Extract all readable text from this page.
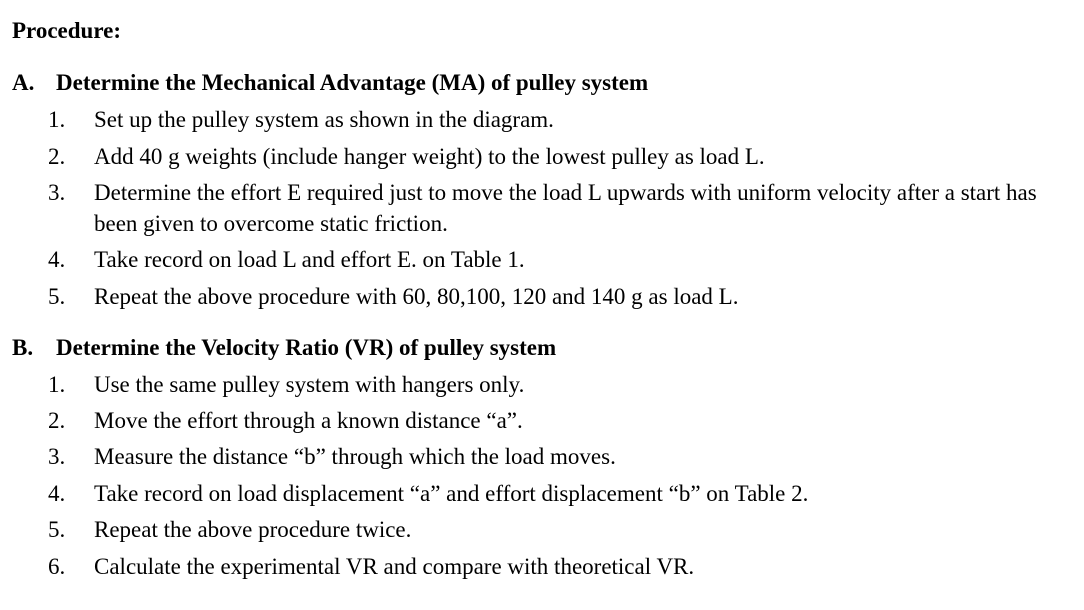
Procedure:
A. Determine the Mechanical Advantage (MA) of pulley system
1. Set up the pulley system as shown in the diagram.
2. Add 40 g weights (include hanger weight) to the lowest pulley as load L.
3. Determine the effort E required just to move the load L upwards with uniform velocity after a start has been given to overcome static friction.
4. Take record on load L and effort E. on Table 1.
5. Repeat the above procedure with 60, 80,100, 120 and 140 g as load L.
B. Determine the Velocity Ratio (VR) of pulley system
1. Use the same pulley system with hangers only.
2. Move the effort through a known distance “a”.
3. Measure the distance “b” through which the load moves.
4. Take record on load displacement “a” and effort displacement “b” on Table 2.
5. Repeat the above procedure twice.
6. Calculate the experimental VR and compare with theoretical VR.
